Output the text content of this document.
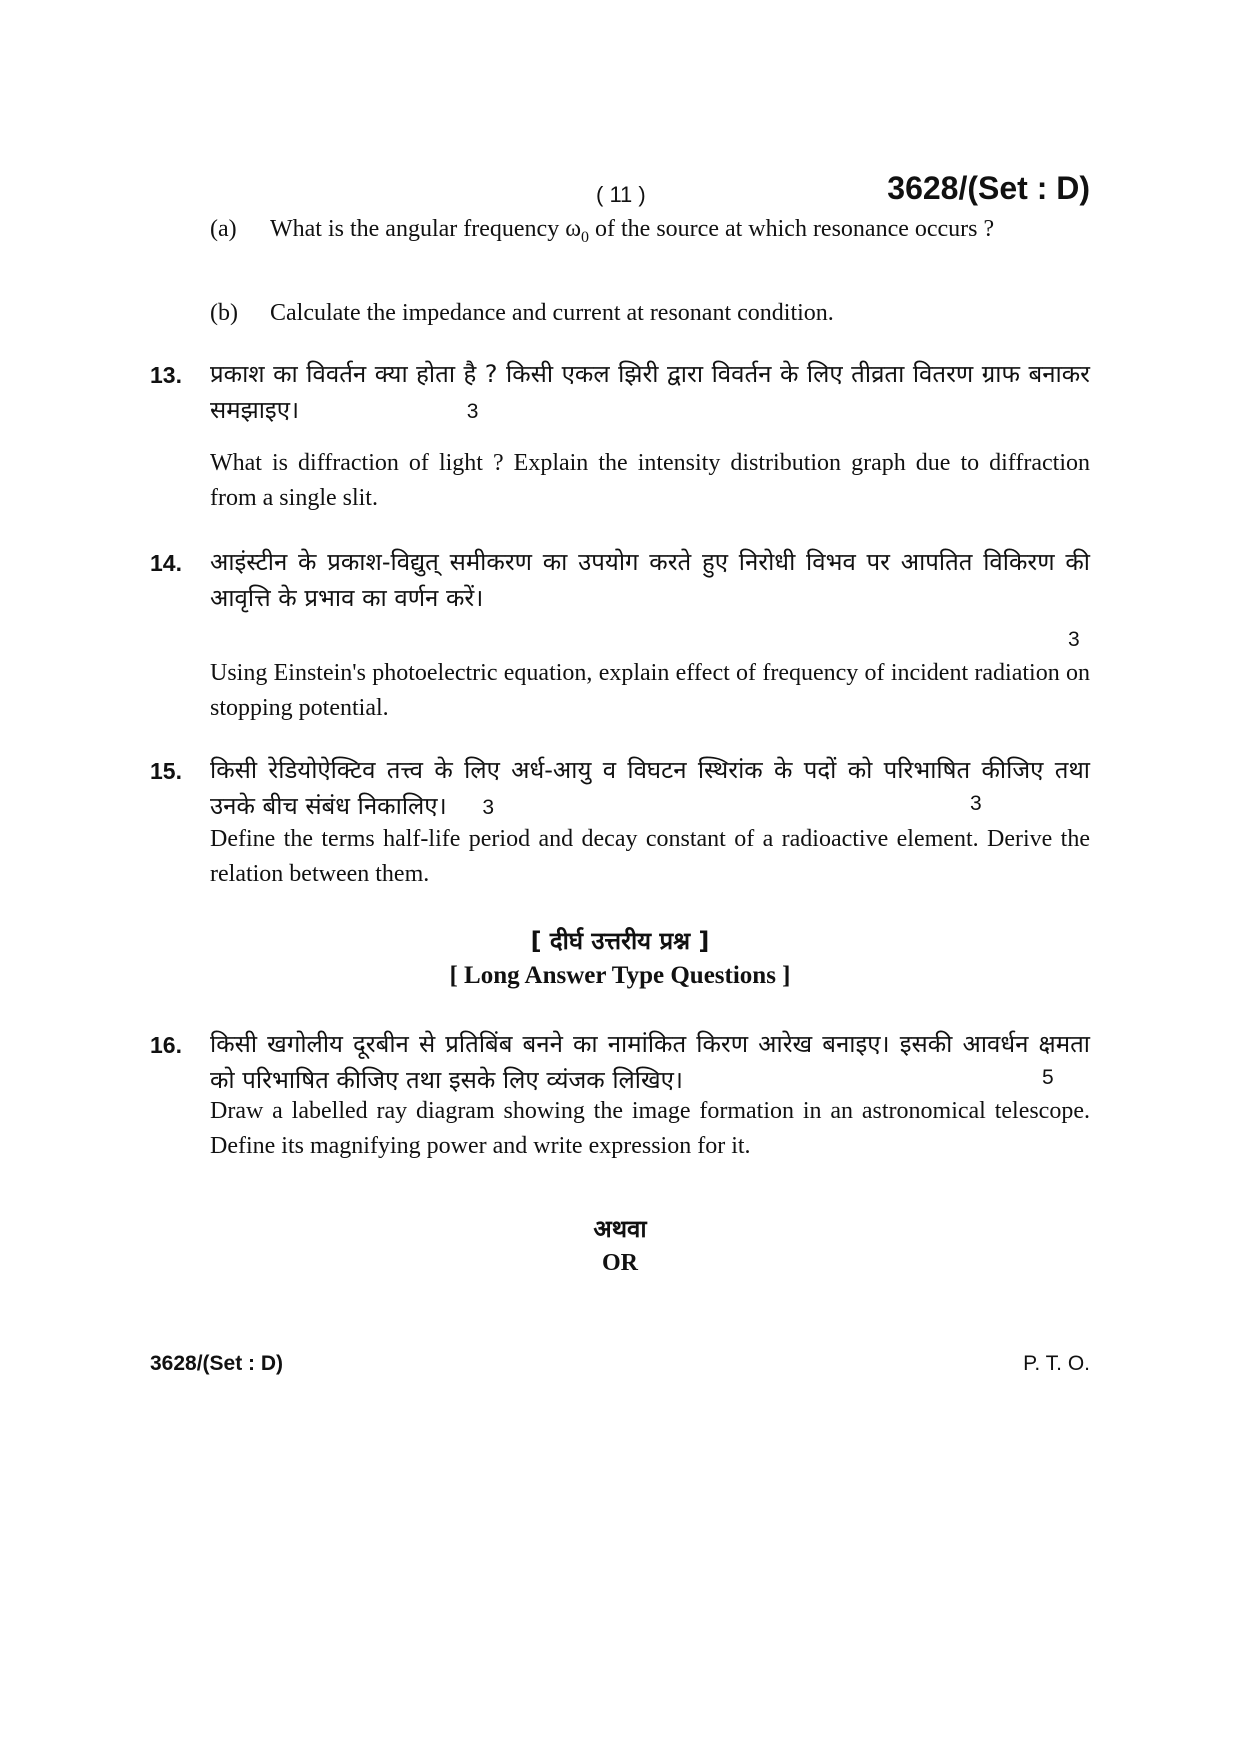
( 11 )	3628/(Set : D)
(a) What is the angular frequency $\omega_0$ of the source at which resonance occurs ?
(b) Calculate the impedance and current at resonant condition.
13. प्रकाश का विवर्तन क्या होता है ? किसी एकल झिरी द्वारा विवर्तन के लिए तीव्रता वितरण ग्राफ बनाकर समझाइए।	3
What is diffraction of light ? Explain the intensity distribution graph due to diffraction from a single slit.
14. आइंस्टीन के प्रकाश-विद्युत् समीकरण का उपयोग करते हुए निरोधी विभव पर आपतित विकिरण की आवृत्ति के प्रभाव का वर्णन करें।
3
Using Einstein's photoelectric equation, explain effect of frequency of incident radiation on stopping potential.
15. किसी रेडियोऐक्टिव तत्त्व के लिए अर्ध-आयु व विघटन स्थिरांक के पदों को परिभाषित कीजिए तथा उनके बीच संबंध निकालिए। 3	3
Define the terms half-life period and decay constant of a radioactive element. Derive the relation between them.
[ दीर्घ उत्तरीय प्रश्न ]
[ Long Answer Type Questions ]
16. किसी खगोलीय दूरबीन से प्रतिबिंब बनने का नामांकित किरण आरेख बनाइए। इसकी आवर्धन क्षमता को परिभाषित कीजिए तथा इसके लिए व्यंजक लिखिए।	5
Draw a labelled ray diagram showing the image formation in an astronomical telescope. Define its magnifying power and write expression for it.
अथवा
OR
3628/(Set : D)	P. T. O.
